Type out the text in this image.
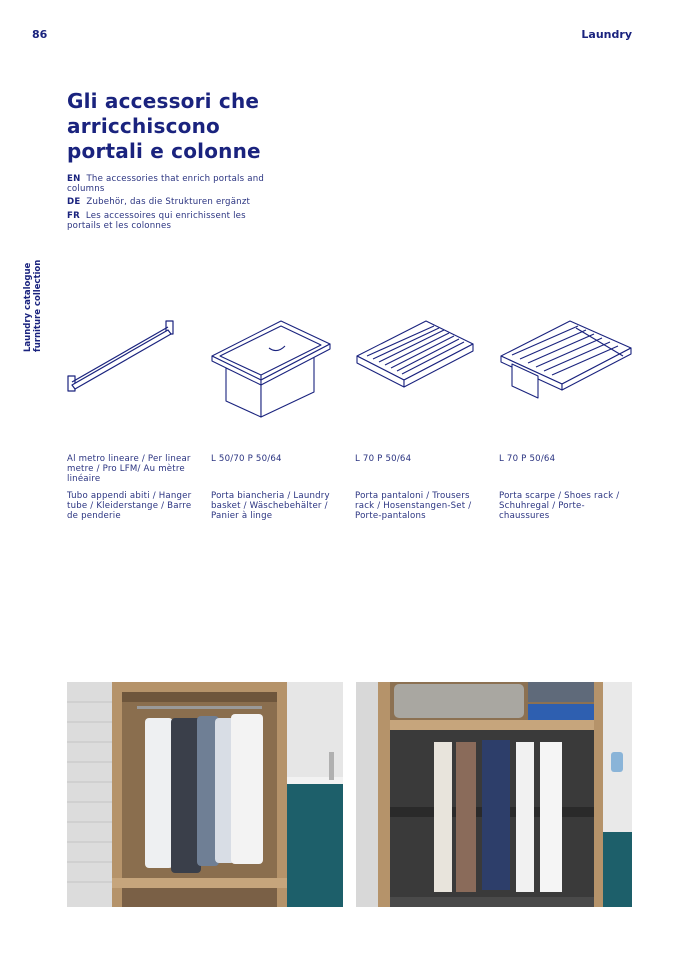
86	Laundry
Laundry catalogue furniture collection
Gli accessori che
arricchiscono
portali e colonne
EN The accessories that enrich portals and columns
DE Zubehör, das die Strukturen ergänzt
FR Les accessoires qui enrichissent les portails et les colonnes
Al metro lineare / Per linear metre / Pro LFM/ Au mètre linéaire
Tubo appendi abiti / Hanger tube / Kleiderstange / Barre de penderie
L 50/70 P 50/64
Porta biancheria / Laundry basket / Wäschebehälter / Panier à linge
L 70 P 50/64
Porta pantaloni / Trousers rack / Hosenstangen-Set / Porte-pantalons
L 70 P 50/64
Porta scarpe / Shoes rack / Schuhregal / Porte-chaussures
